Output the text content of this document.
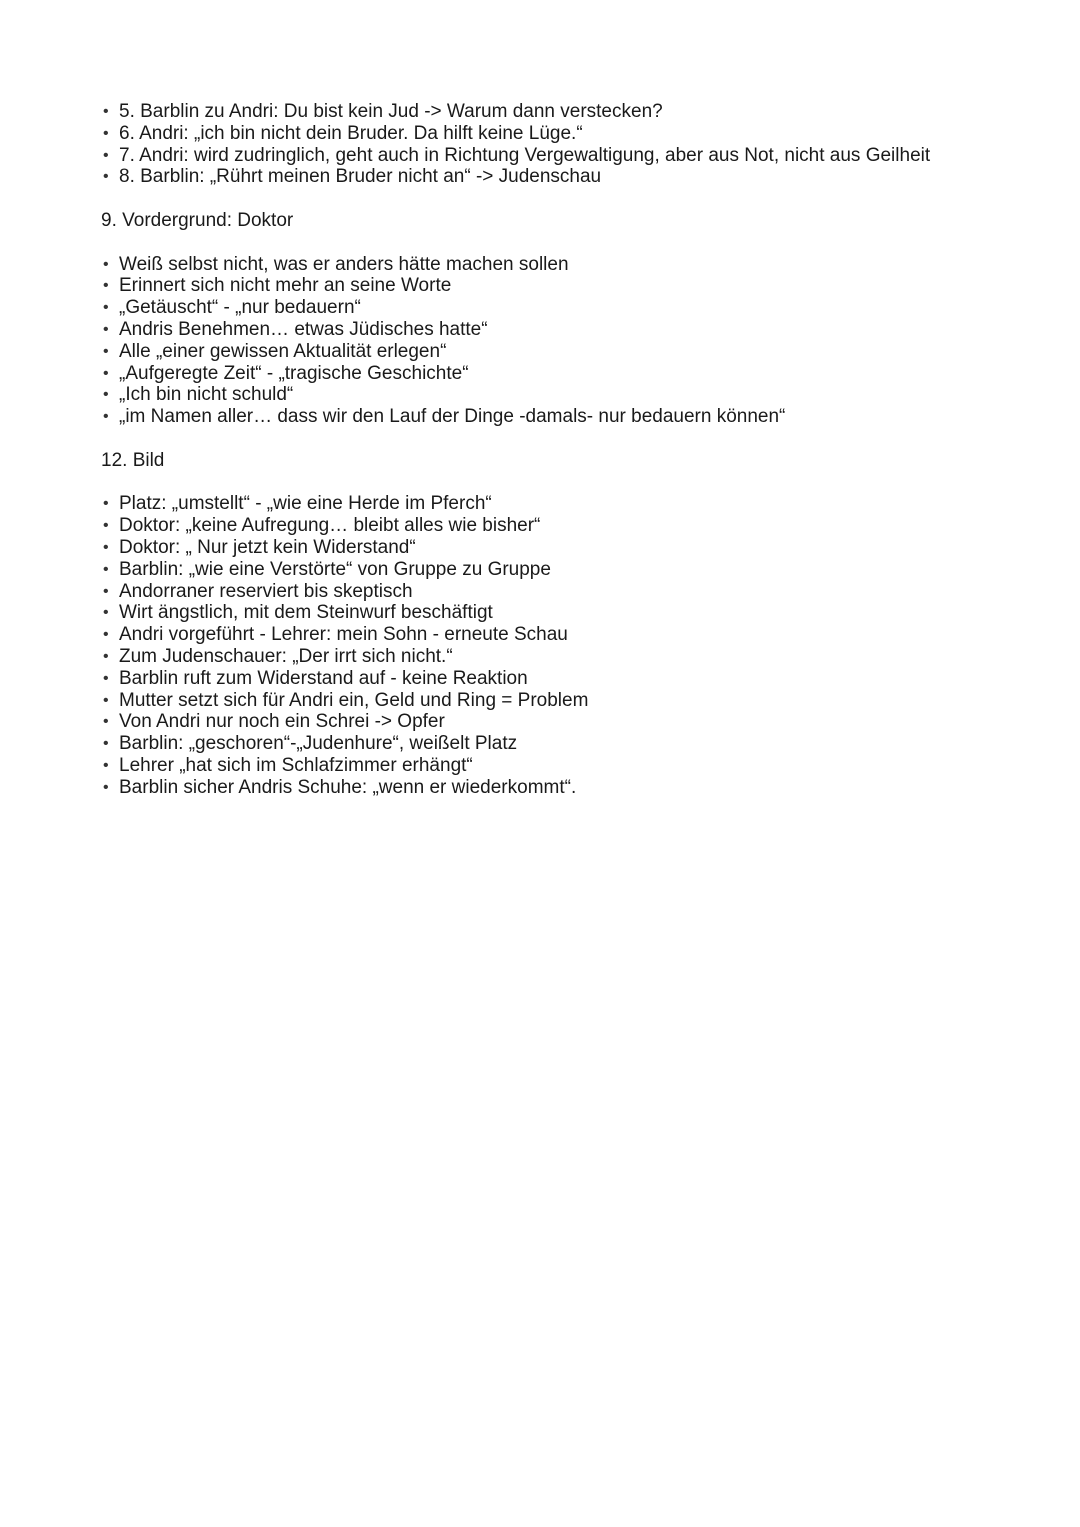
• 5. Barblin zu Andri: Du bist kein Jud -> Warum dann verstecken?
• 6. Andri: „ich bin nicht dein Bruder. Da hilft keine Lüge.“
• 7. Andri: wird zudringlich, geht auch in Richtung Vergewaltigung, aber aus Not, nicht aus Geilheit
• 8. Barblin: „Rührt meinen Bruder nicht an“ -> Judenschau
9. Vordergrund: Doktor
• Weiß selbst nicht, was er anders hätte machen sollen
• Erinnert sich nicht mehr an seine Worte
• „Getäuscht“ - „nur bedauern“
• Andris Benehmen… etwas Jüdisches hatte“
• Alle „einer gewissen Aktualität erlegen“
• „Aufgeregte Zeit“ - „tragische Geschichte“
• „Ich bin nicht schuld“
• „im Namen aller… dass wir den Lauf der Dinge -damals- nur bedauern können“
12. Bild
• Platz: „umstellt“ - „wie eine Herde im Pferch“
• Doktor: „keine Aufregung… bleibt alles wie bisher“
• Doktor: „ Nur jetzt kein Widerstand“
• Barblin: „wie eine Verstörte“ von Gruppe zu Gruppe
• Andorraner reserviert bis skeptisch
• Wirt ängstlich, mit dem Steinwurf beschäftigt
• Andri vorgeführt - Lehrer: mein Sohn - erneute Schau
• Zum Judenschauer: „Der irrt sich nicht.“
• Barblin ruft zum Widerstand auf - keine Reaktion
• Mutter setzt sich für Andri ein, Geld und Ring = Problem
• Von Andri nur noch ein Schrei -> Opfer
• Barblin: „geschoren“-„Judenhure“, weißelt Platz
• Lehrer „hat sich im Schlafzimmer erhängt“
• Barblin sicher Andris Schuhe: „wenn er wiederkommt“.
